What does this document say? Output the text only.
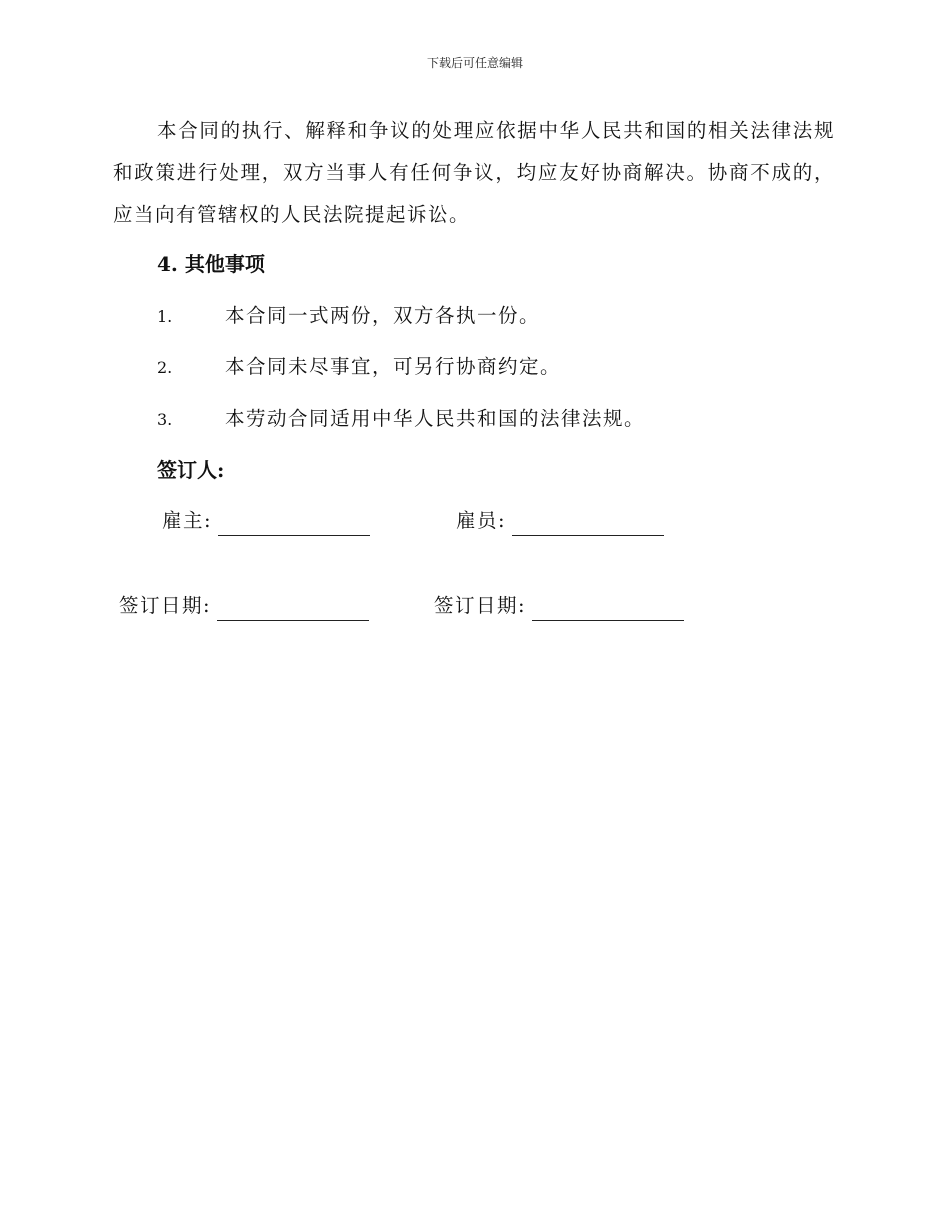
下载后可任意编辑
本合同的执行、解释和争议的处理应依据中华人民共和国的相关法律法规和政策进行处理，双方当事人有任何争议，均应友好协商解决。协商不成的，应当向有管辖权的人民法院提起诉讼。
4. 其他事项
1.	本合同一式两份，双方各执一份。
2.	本合同未尽事宜，可另行协商约定。
3.	本劳动合同适用中华人民共和国的法律法规。
签订人:
雇主:	雇员:
签订日期:	签订日期:
